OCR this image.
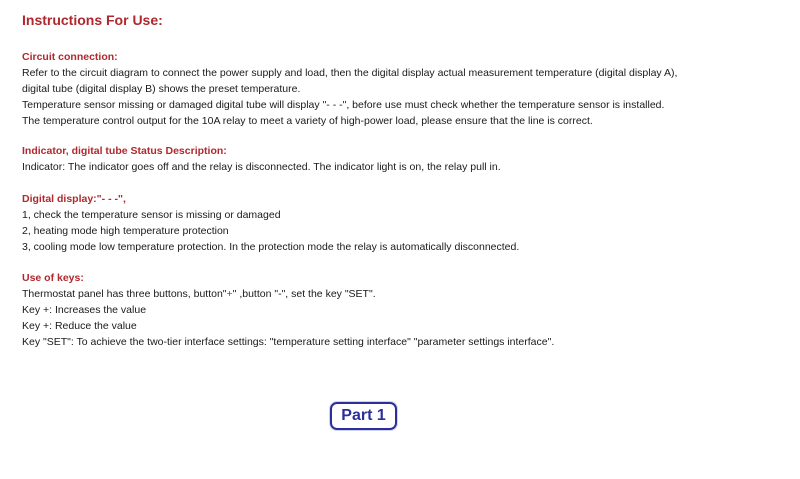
Instructions For Use:
Circuit connection:
Refer to the circuit diagram to connect the power supply and load, then the digital display actual measurement temperature (digital display A),
digital tube (digital display B) shows the preset temperature.
Temperature sensor missing or damaged digital tube will display "- - -", before use must check whether the temperature sensor is installed.
The temperature control output for the 10A relay to meet a variety of high-power load, please ensure that the line is correct.
Indicator, digital tube Status Description:
Indicator: The indicator goes off and the relay is disconnected. The indicator light is on, the relay pull in.
Digital display:"- - -",
1, check the temperature sensor is missing or damaged
2, heating mode high temperature protection
3, cooling mode low temperature protection. In the protection mode the relay is automatically disconnected.
Use of keys:
Thermostat panel has three buttons, button"+" ,button "-", set the key "SET".
Key +: Increases the value
Key +: Reduce the value
Key "SET": To achieve the two-tier interface settings: "temperature setting interface" "parameter settings interface".
Part 1
